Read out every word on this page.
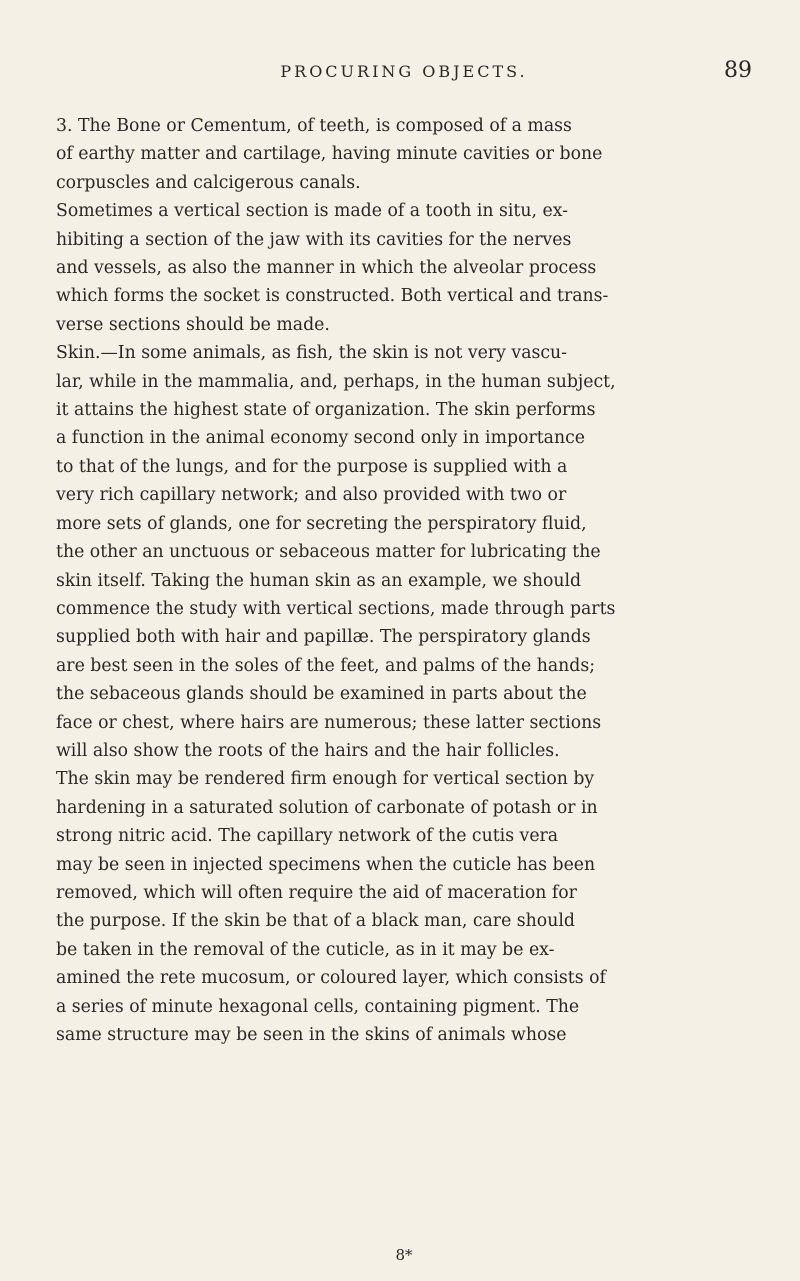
PROCURING OBJECTS.	89
3. The Bone or Cementum, of teeth, is composed of a mass
of earthy matter and cartilage, having minute cavities or bone
corpuscles and calcigerous canals.
Sometimes a vertical section is made of a tooth in situ, ex-
hibiting a section of the jaw with its cavities for the nerves
and vessels, as also the manner in which the alveolar process
which forms the socket is constructed. Both vertical and trans-
verse sections should be made.
Skin.—In some animals, as fish, the skin is not very vascu-
lar, while in the mammalia, and, perhaps, in the human subject,
it attains the highest state of organization. The skin performs
a function in the animal economy second only in importance
to that of the lungs, and for the purpose is supplied with a
very rich capillary network; and also provided with two or
more sets of glands, one for secreting the perspiratory fluid,
the other an unctuous or sebaceous matter for lubricating the
skin itself. Taking the human skin as an example, we should
commence the study with vertical sections, made through parts
supplied both with hair and papillæ. The perspiratory glands
are best seen in the soles of the feet, and palms of the hands;
the sebaceous glands should be examined in parts about the
face or chest, where hairs are numerous; these latter sections
will also show the roots of the hairs and the hair follicles.
The skin may be rendered firm enough for vertical section by
hardening in a saturated solution of carbonate of potash or in
strong nitric acid. The capillary network of the cutis vera
may be seen in injected specimens when the cuticle has been
removed, which will often require the aid of maceration for
the purpose. If the skin be that of a black man, care should
be taken in the removal of the cuticle, as in it may be ex-
amined the rete mucosum, or coloured layer, which consists of
a series of minute hexagonal cells, containing pigment. The
same structure may be seen in the skins of animals whose
8*
